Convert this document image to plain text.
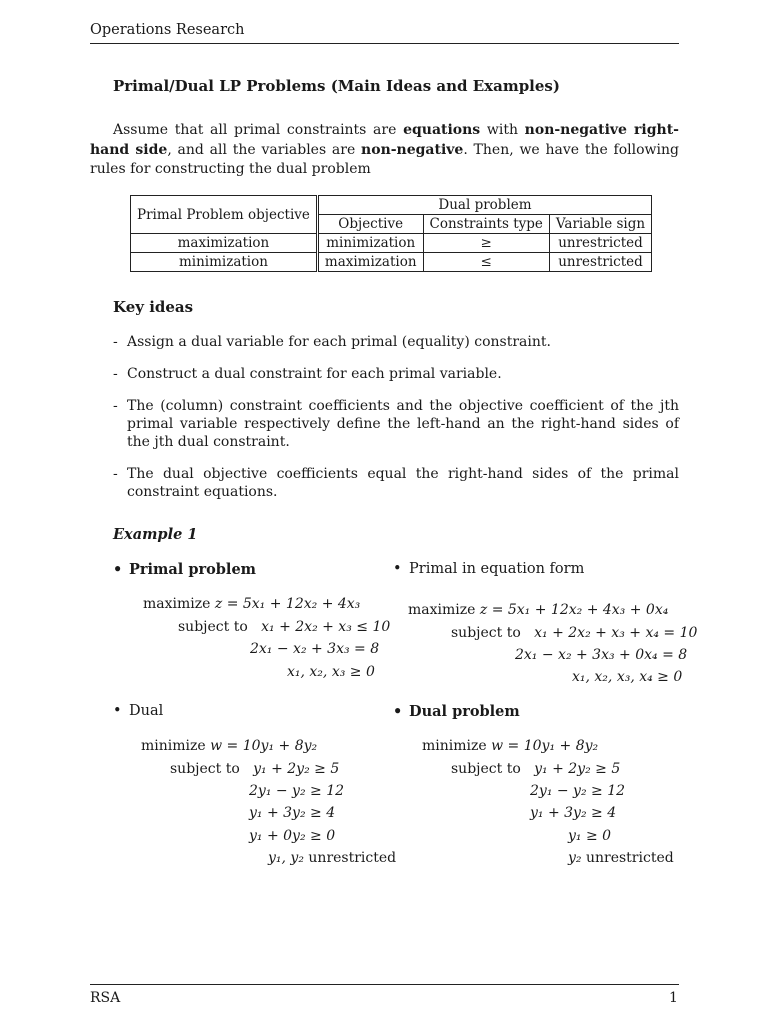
Operations Research
Primal/Dual LP Problems (Main Ideas and Examples)
Assume that all primal constraints are equations with non-negative right-hand side, and all the variables are non-negative. Then, we have the following rules for constructing the dual problem
Primal Problem objective	Dual problem		
	Objective	Constraints type	Variable sign
maximization	minimization	≥	unrestricted
minimization	maximization	≤	unrestricted
Key ideas
- Assign a dual variable for each primal (equality) constraint.
- Construct a dual constraint for each primal variable.
- The (column) constraint coefficients and the objective coefficient of the jth primal variable respectively define the left-hand an the right-hand sides of the jth dual constraint.
- The dual objective coefficients equal the right-hand sides of the primal constraint equations.
Example 1
• Primal problem
maximize z = 5x₁ + 12x₂ + 4x₃
subject to x₁ + 2x₂ + x₃ ≤ 10
2x₁ − x₂ + 3x₃ = 8
x₁, x₂, x₃ ≥ 0
• Primal in equation form
maximize z = 5x₁ + 12x₂ + 4x₃ + 0x₄
subject to x₁ + 2x₂ + x₃ + x₄ = 10
2x₁ − x₂ + 3x₃ + 0x₄ = 8
x₁, x₂, x₃, x₄ ≥ 0
• Dual
minimize w = 10y₁ + 8y₂
subject to y₁ + 2y₂ ≥ 5
2y₁ − y₂ ≥ 12
y₁ + 3y₂ ≥ 4
y₁ + 0y₂ ≥ 0
y₁, y₂ unrestricted
• Dual problem
minimize w = 10y₁ + 8y₂
subject to y₁ + 2y₂ ≥ 5
2y₁ − y₂ ≥ 12
y₁ + 3y₂ ≥ 4
y₁ ≥ 0
y₂ unrestricted
RSA	1
